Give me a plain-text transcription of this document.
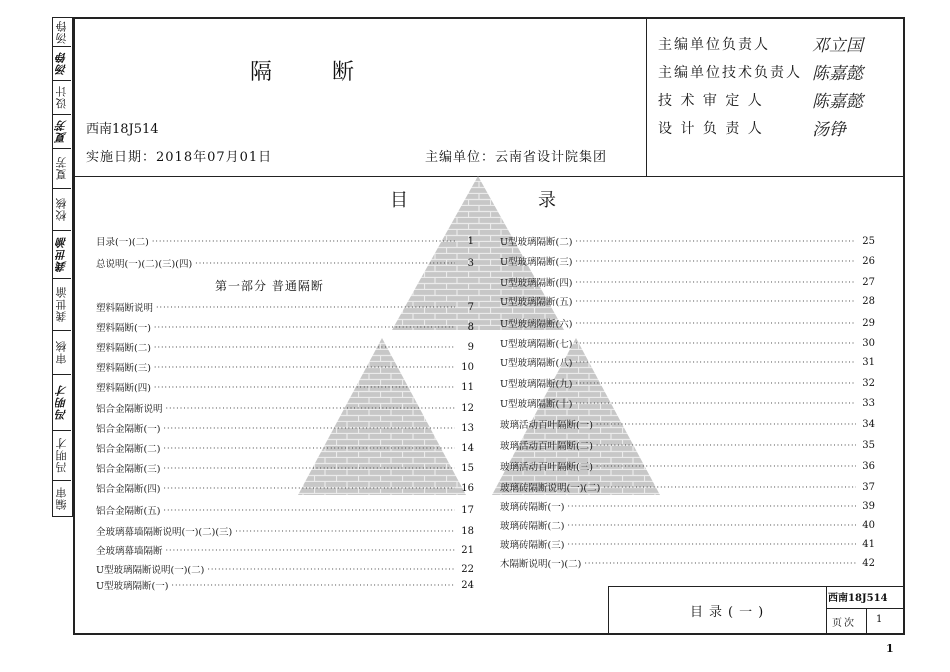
汤铮
汤铮
设计
夏芳
夏芳
校核
龚世渝
龚世渝
审核
冯明才
冯明才
编审
隔断
西南18J514
实施日期：2018年07月01日	主编单位：云南省设计院集团
主编单位负责人 邓立国
主编单位技术负责人 陈嘉懿
技 术 审 定 人	陈嘉懿
设 计 负 责 人	汤铮
目	录
第一部分 普通隔断
目录(一)(二) ·····	1
总说明(一)(二)(三)(四) ·····	3
塑料隔断说明 ·····	7
塑料隔断(一) ·····	8
塑料隔断(二) ·····	9
塑料隔断(三) ·····	10
塑料隔断(四) ·····	11
铝合金隔断说明 ·····	12
铝合金隔断(一) ·····	13
铝合金隔断(二) ·····	14
铝合金隔断(三) ·····	15
铝合金隔断(四) ·····	16
铝合金隔断(五) ·····	17
全玻璃幕墙隔断说明(一)(二)(三) ·····	18
全玻璃幕墙隔断 ·····	21
U型玻璃隔断说明(一)(二) ·····	22
U型玻璃隔断(一) ·····	24
U型玻璃隔断(二) ·····	25
U型玻璃隔断(三) ·····	26
U型玻璃隔断(四) ·····	27
U型玻璃隔断(五) ·····	28
U型玻璃隔断(六) ·····	29
U型玻璃隔断(七) ·····	30
U型玻璃隔断(八) ·····	31
U型玻璃隔断(九) ·····	32
U型玻璃隔断(十) ·····	33
玻璃活动百叶隔断(一) ·····	34
玻璃活动百叶隔断(二) ·····	35
玻璃活动百叶隔断(三) ·····	36
玻璃砖隔断说明(一)(二) ·····	37
玻璃砖隔断(一) ·····	39
玻璃砖隔断(二) ·····	40
玻璃砖隔断(三) ·····	41
木隔断说明(一)(二) ·····	42
目录(一)
西南18J514
页次 1
1
